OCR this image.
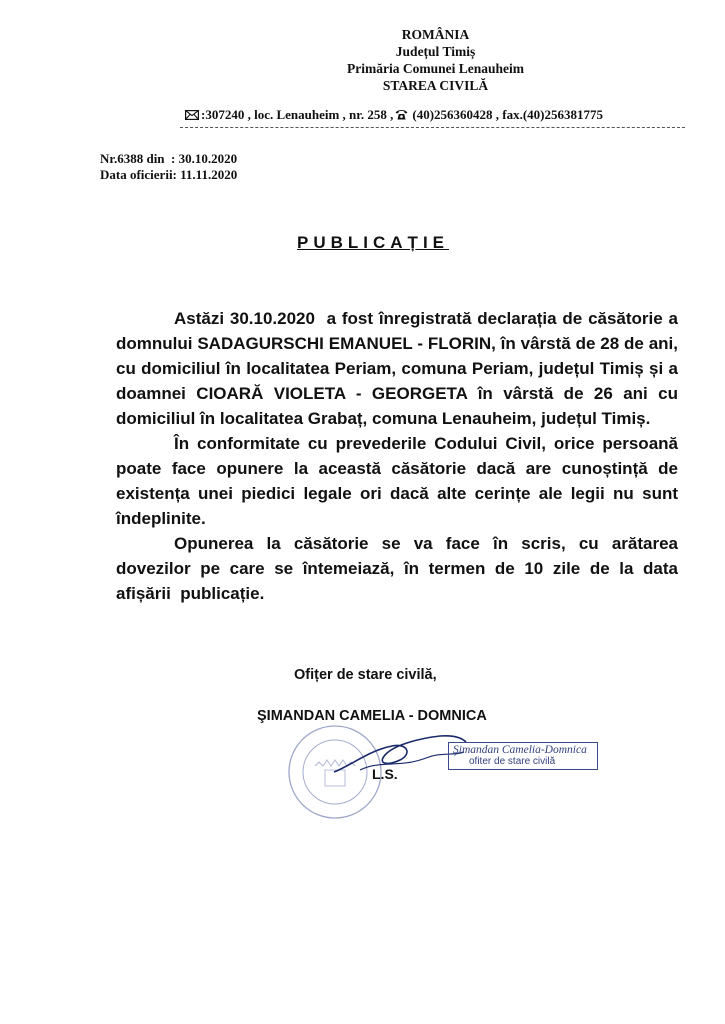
ROMÂNIA
Județul Timiș
Primăria Comunei Lenauheim
STAREA CIVILĂ
:307240 , loc. Lenauheim , nr. 258 , (40)256360428 , fax.(40)256381775
Nr.6388 din  : 30.10.2020
Data oficierii: 11.11.2020
PUBLICAȚIE

Astăzi 30.10.2020  a fost înregistrată declarația de căsătorie a domnului SADAGURSCHI EMANUEL - FLORIN, în vârstă de 28 de ani, cu domiciliul în localitatea Periam, comuna Periam, județul Timiș și a doamnei CIOARĂ VIOLETA - GEORGETA în vârstă de 26 ani cu domiciliul în localitatea Grabaț, comuna Lenauheim, județul Timiș.

În conformitate cu prevederile Codului Civil, orice persoană poate face opunere la această căsătorie dacă are cunoștință de existența unei piedici legale ori dacă alte cerințe ale legii nu sunt îndeplinite.

Opunerea la căsătorie se va face în scris, cu arătarea dovezilor pe care se întemeiază, în termen de 10 zile de la data afișării  publicație.

Ofițer de stare civilă,
ŞIMANDAN CAMELIA - DOMNICA
L.S.
Şimandan Camelia-Domnica
ofiter de stare civilă
